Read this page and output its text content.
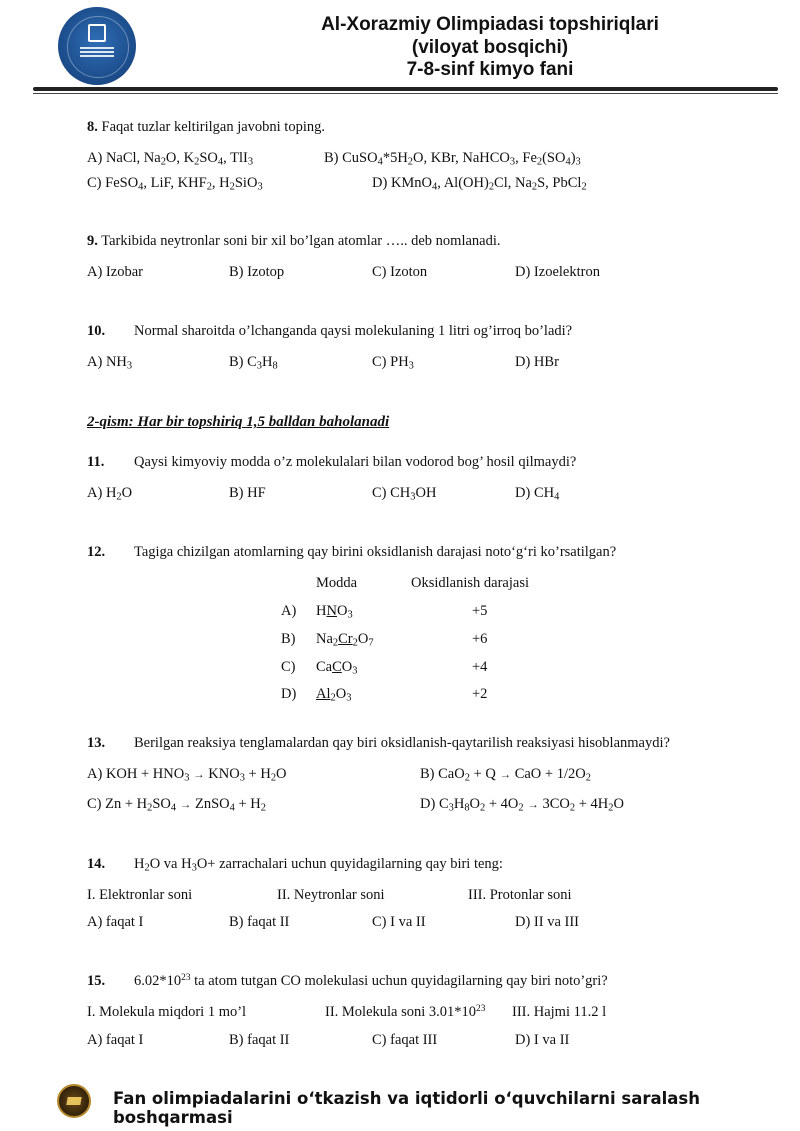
Al-Xorazmiy Olimpiadasi topshiriqlari
(viloyat bosqichi)
7-8-sinf kimyo fani
8. Faqat tuzlar keltirilgan javobni toping.
A) NaCl, $Na_2O$, $K_2SO_4$, TlI$_3$	B) $CuSO_4*5H_2O$, KBr, NaHCO$_3$, $Fe_2(SO_4)_3$
C) FeSO$_4$, LiF, $KHF_2$, $H_2SiO_3$	D) KMnO$_4$, $Al(OH)_2Cl$, $Na_2S$, PbCl$_2$
9. Tarkibida neytronlar soni bir xil bo’lgan atomlar ….. deb nomlanadi.
A) Izobar	B) Izotop	C) Izoton	D) Izoelektron
10. Normal sharoitda o’lchanganda qaysi molekulaning 1 litri og’irroq bo’ladi?
A) $NH_3$	B) $C_3H_8$	C) $PH_3$	D) HBr
2-qism: Har bir topshiriq 1,5 balldan baholanadi
11. Qaysi kimyoviy modda o’z molekulalari bilan vodorod bog’ hosil qilmaydi?
A) $H_2O$	B) HF	C) $CH_3OH$	D) $CH_4$
12. Tagiga chizilgan atomlarning qay birini oksidlanish darajasi noto‘g‘ri ko’rsatilgan?
Modda	Oksidlanish darajasi
A) $HNO_3$	+5
B) $Na_2Cr_2O_7$	+6
C) CaCO$_3$	+4
D) $Al_2O_3$	+2
13. Berilgan reaksiya tenglamalardan qay biri oksidlanish-qaytarilish reaksiyasi hisoblanmaydi?
A) KOH + $HNO_3 \to KNO_3 + H_2O$	B) CaO$_2$ + Q → CaO + $1/2O_2$
C) $Zn + H_2SO_4$ → ZnSO$_4$ + $H_2$	D) $C_3H_8O_2 + 4O_2 \to 3CO_2 + 4H_2O$
14. $H_2O$ va $H_3O+$ zarrachalari uchun quyidagilarning qay biri teng:
I. Elektronlar soni	II. Neytronlar soni	III. Protonlar soni
A) faqat I	B) faqat II	C) I va II	D) II va III
15. $6.02*10^{23}$ ta atom tutgan CO molekulasi uchun quyidagilarning qay biri noto’gri?
I. Molekula miqdori 1 mo’l	II. Molekula soni $3.01*10^{23}$ III. Hajmi 11.2 l
A) faqat I	B) faqat II	C) faqat III	D) I va II
Fan olimpiadalarini o‘tkazish va iqtidorli o‘quvchilarni saralash boshqarmasi
